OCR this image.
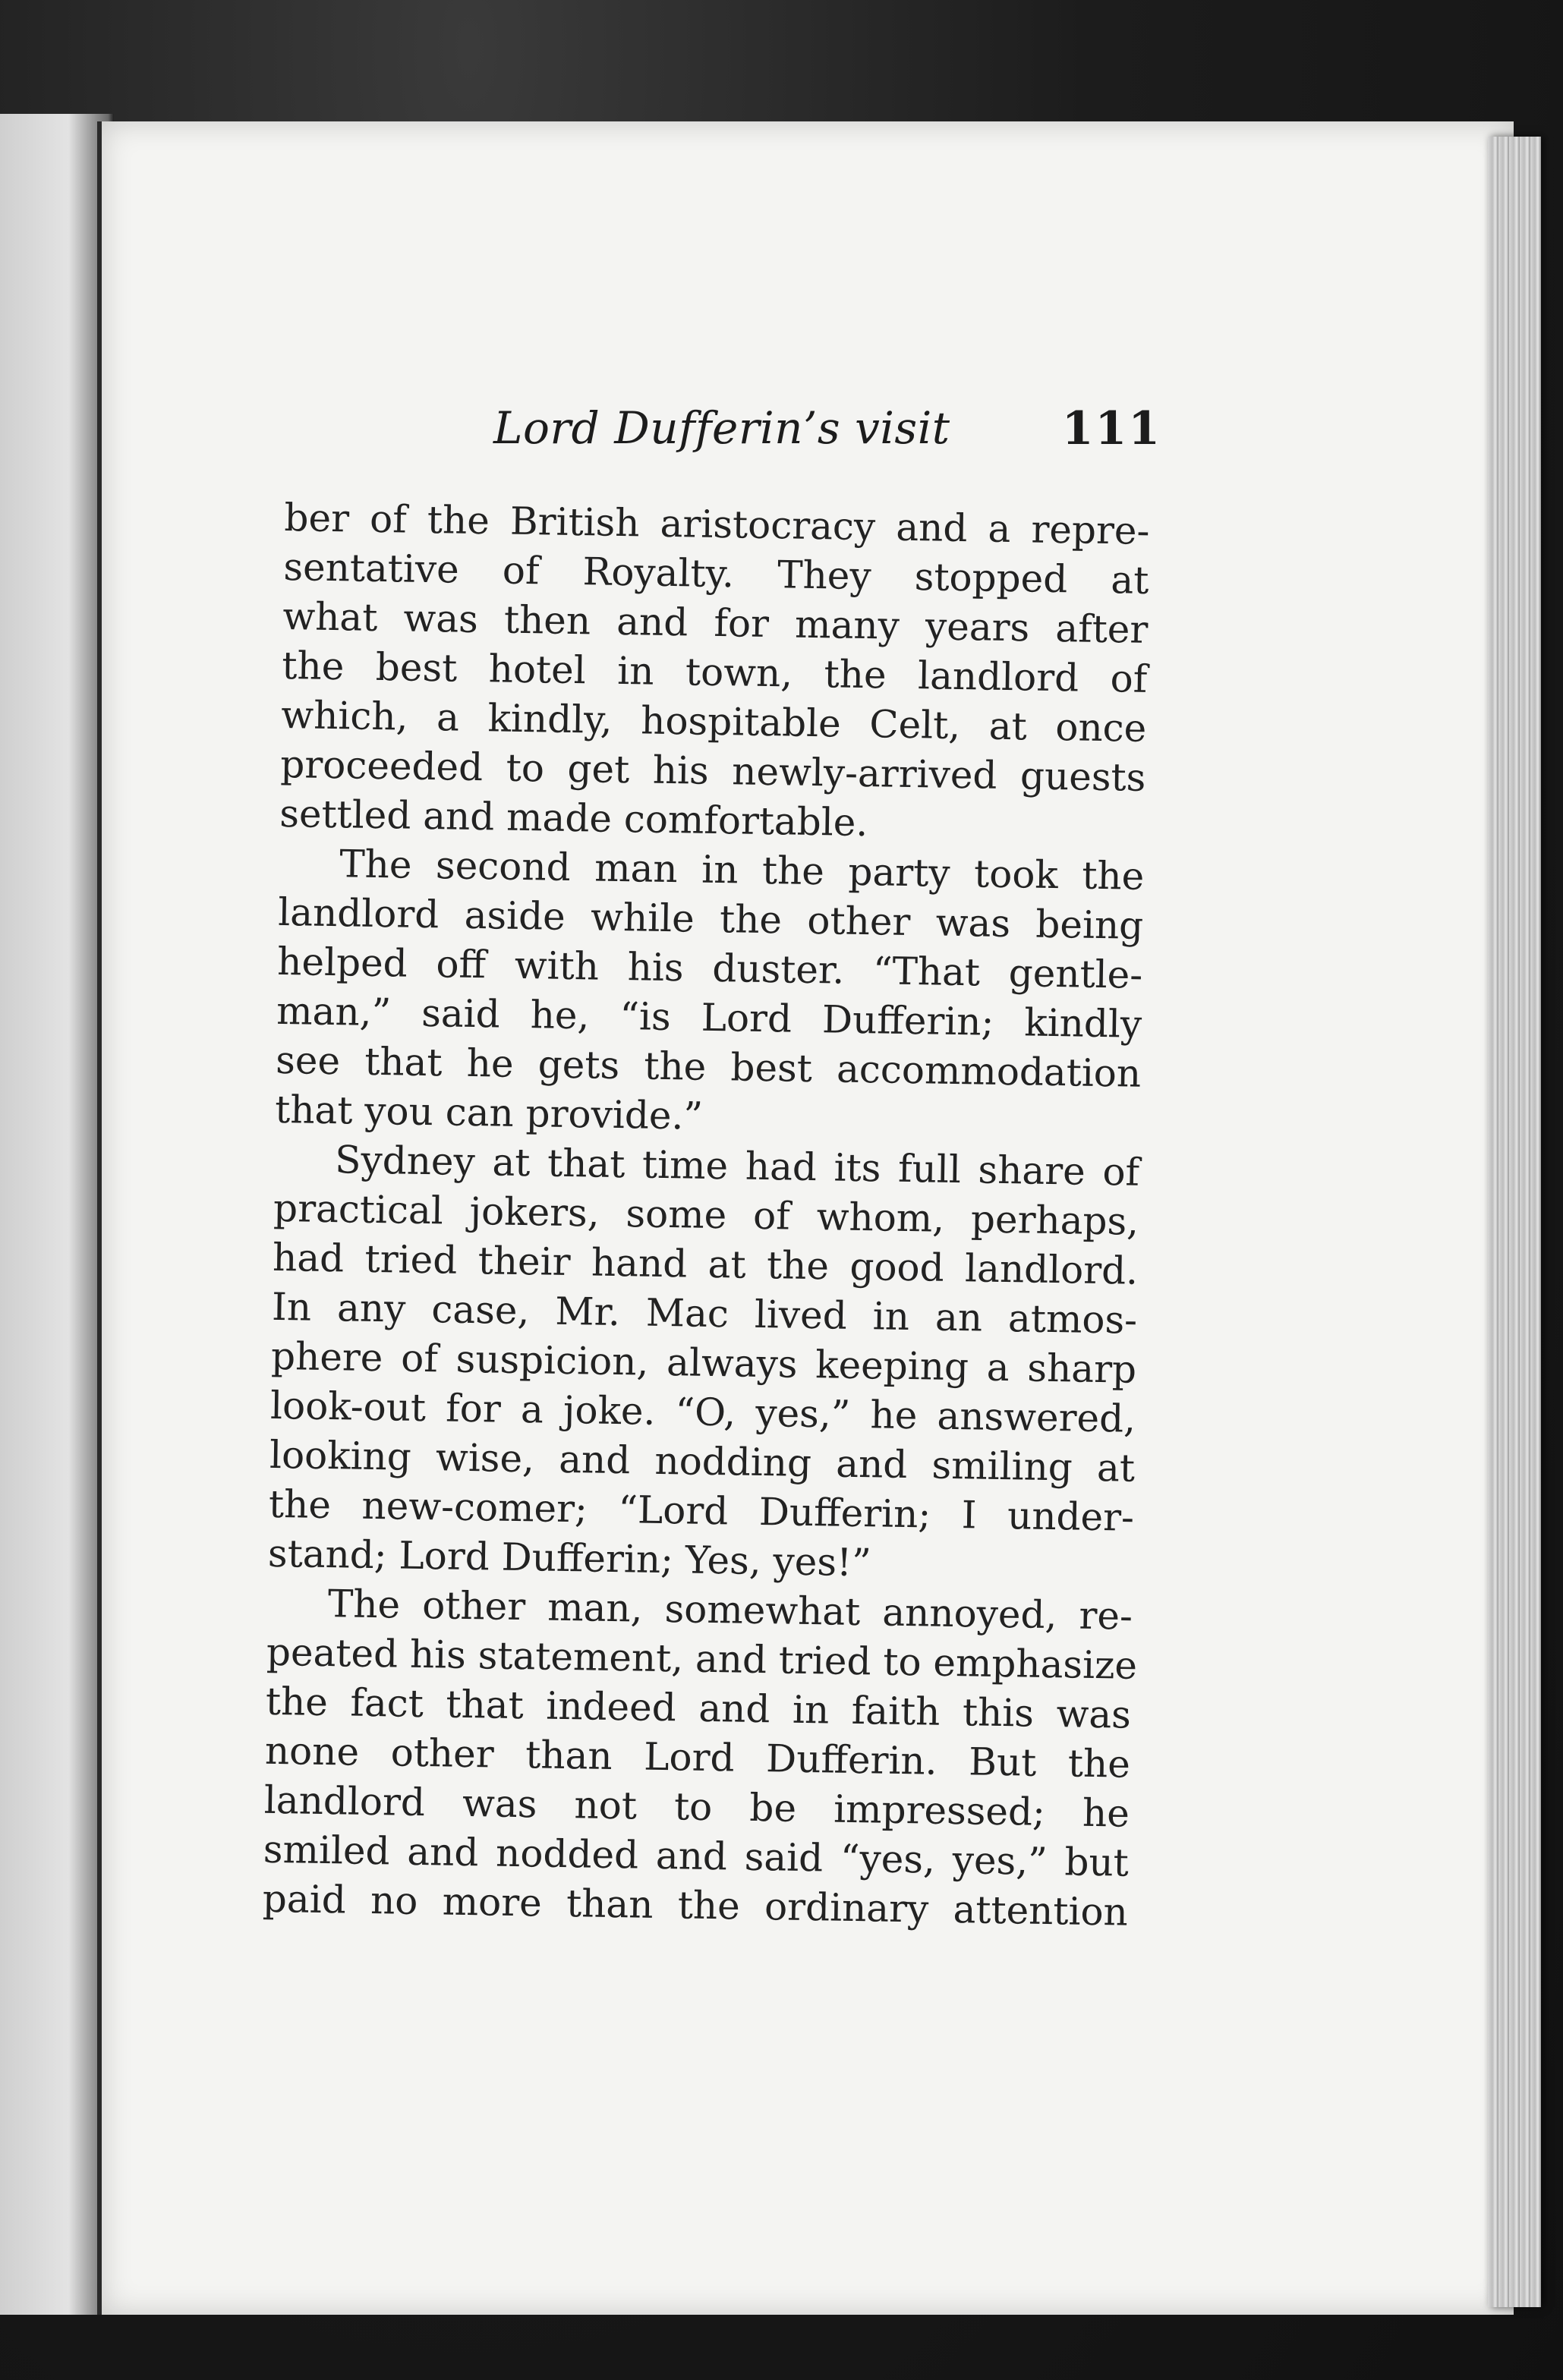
Lord Dufferin’s visit 111
ber of the British aristocracy and a repre-
sentative of Royalty. They stopped at
what was then and for many years after
the best hotel in town, the landlord of
which, a kindly, hospitable Celt, at once
proceeded to get his newly-arrived guests
settled and made comfortable.
The second man in the party took the
landlord aside while the other was being
helped off with his duster. “That gentle-
man,” said he, “is Lord Dufferin; kindly
see that he gets the best accommodation
that you can provide.”
Sydney at that time had its full share of
practical jokers, some of whom, perhaps,
had tried their hand at the good landlord.
In any case, Mr. Mac lived in an atmos-
phere of suspicion, always keeping a sharp
look-out for a joke. “O, yes,” he answered,
looking wise, and nodding and smiling at
the new-comer; “Lord Dufferin; I under-
stand; Lord Dufferin; Yes, yes!”
The other man, somewhat annoyed, re-
peated his statement, and tried to emphasize
the fact that indeed and in faith this was
none other than Lord Dufferin. But the
landlord was not to be impressed; he
smiled and nodded and said “yes, yes,” but
paid no more than the ordinary attention
